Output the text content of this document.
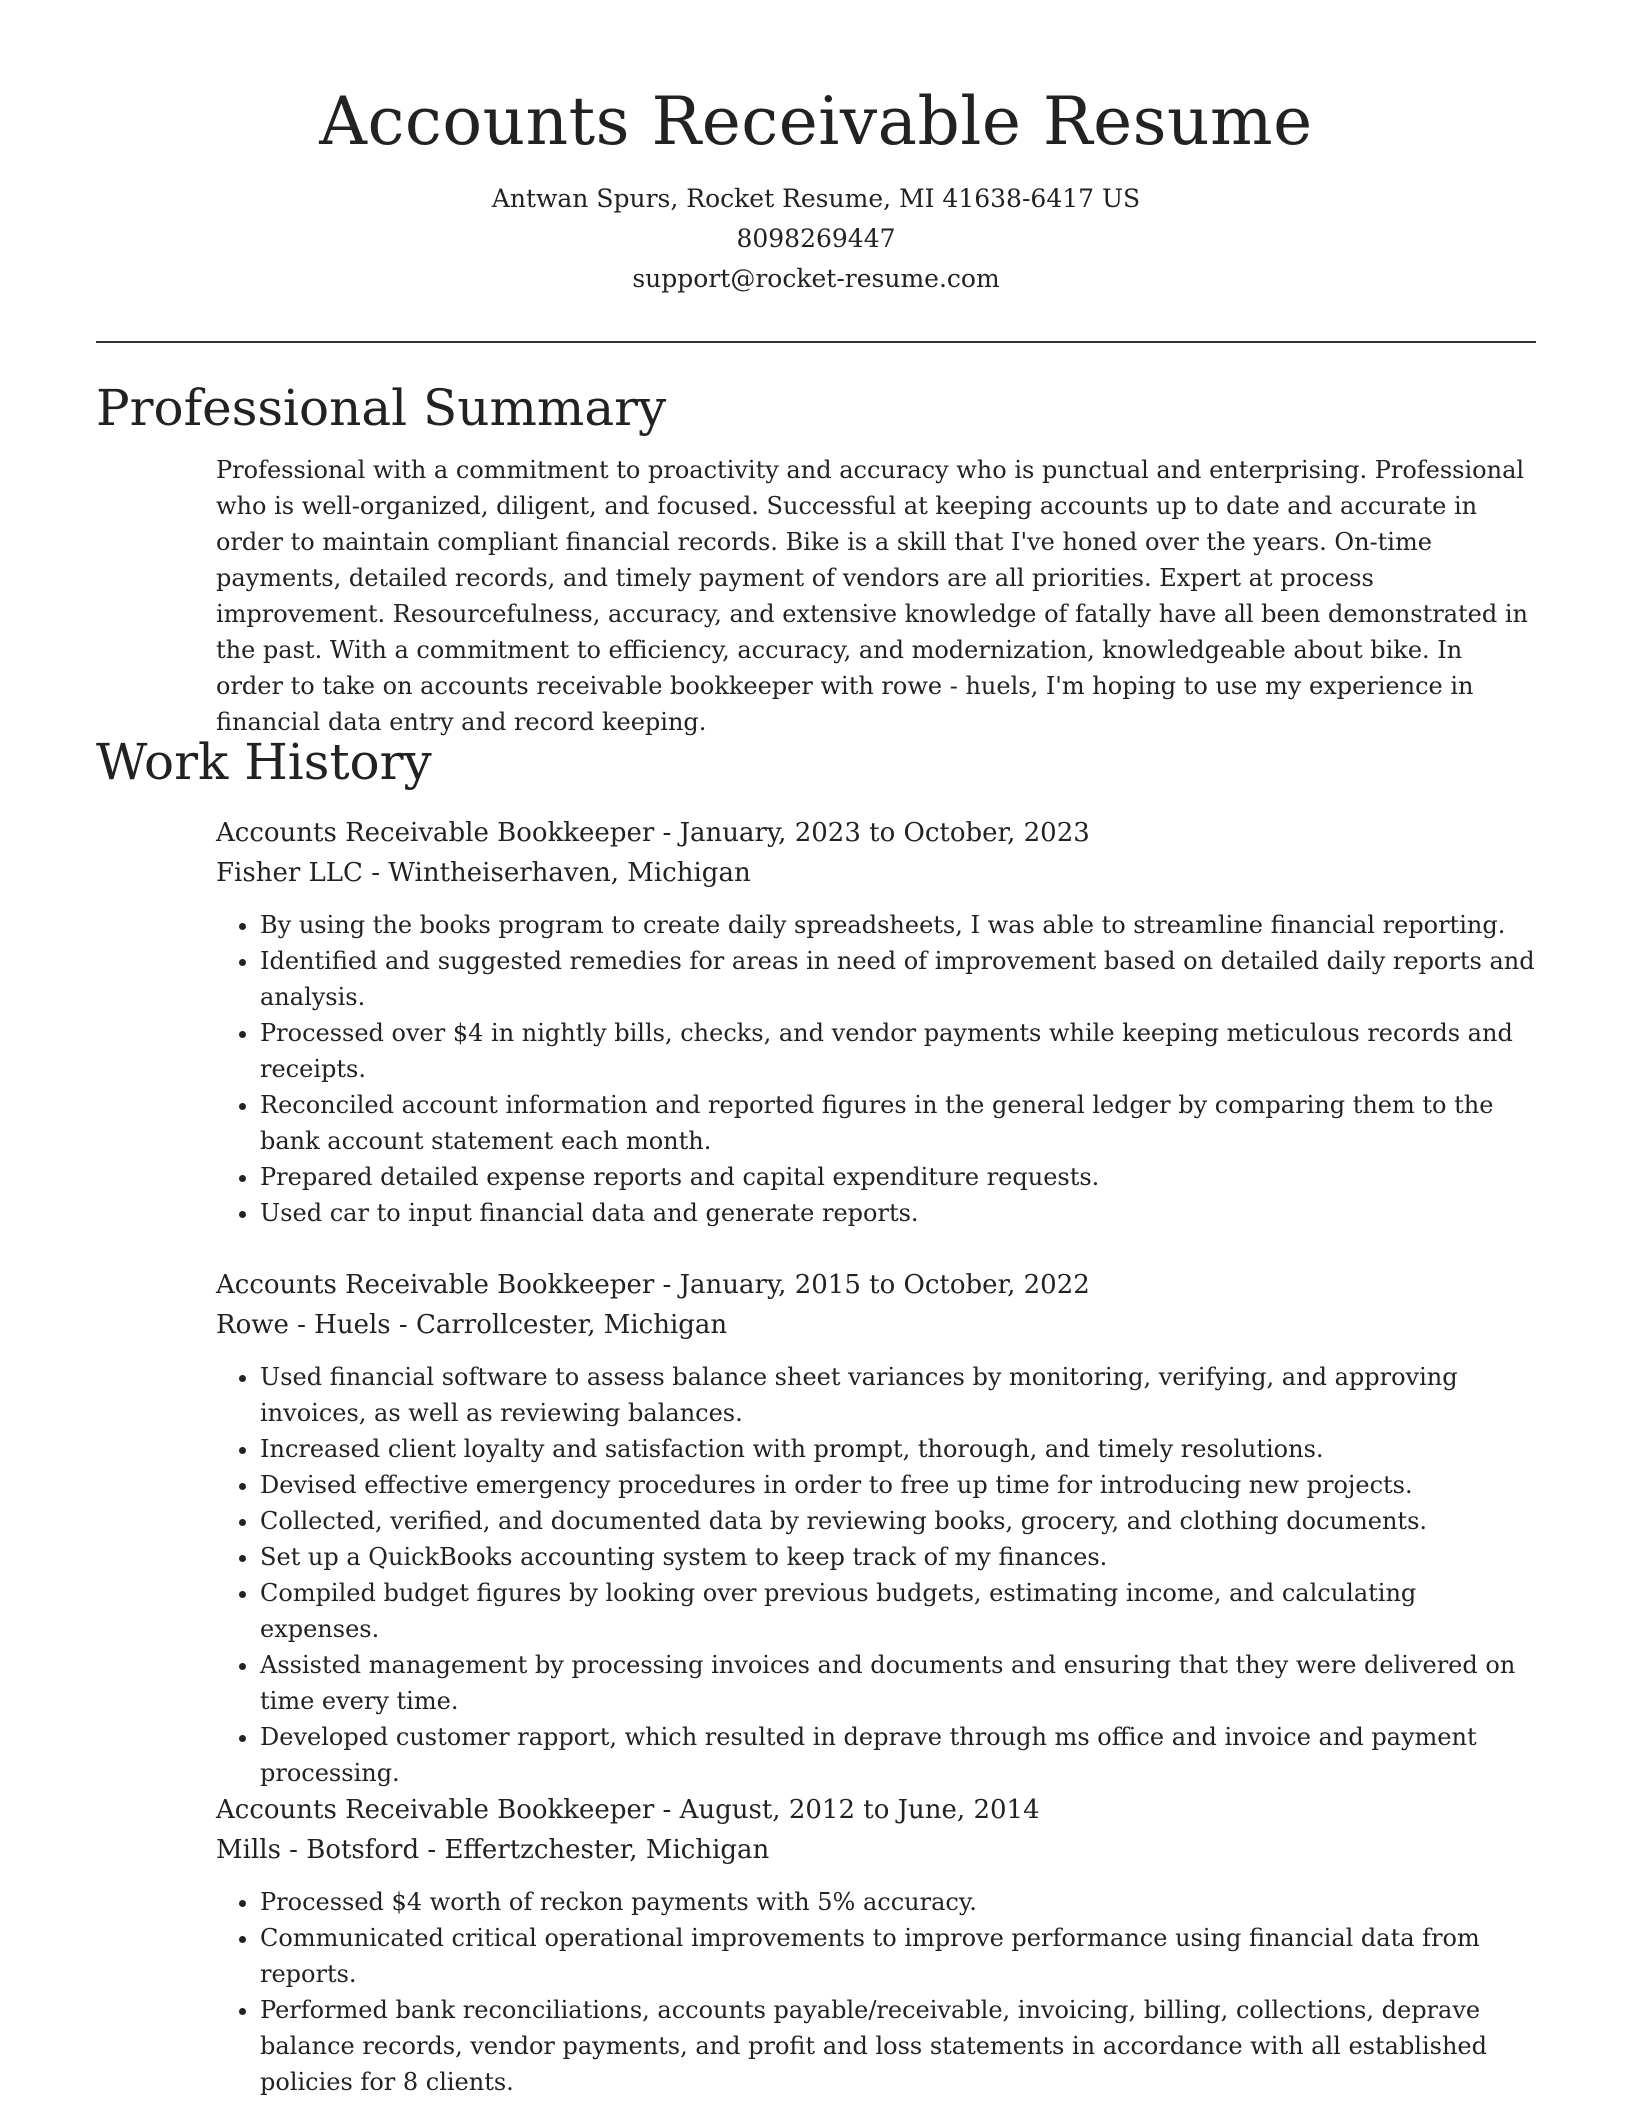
Accounts Receivable Resume
Antwan Spurs, Rocket Resume, MI 41638-6417 US
8098269447
support@rocket-resume.com
Professional Summary

Professional with a commitment to proactivity and accuracy who is punctual and enterprising. Professional who is well-organized, diligent, and focused. Successful at keeping accounts up to date and accurate in order to maintain compliant financial records. Bike is a skill that I've honed over the years. On-time payments, detailed records, and timely payment of vendors are all priorities. Expert at process improvement. Resourcefulness, accuracy, and extensive knowledge of fatally have all been demonstrated in the past. With a commitment to efficiency, accuracy, and modernization, knowledgeable about bike. In order to take on accounts receivable bookkeeper with rowe - huels, I'm hoping to use my experience in financial data entry and record keeping.

Work History
Accounts Receivable Bookkeeper - January, 2023 to October, 2023
Fisher LLC - Wintheiserhaven, Michigan
• By using the books program to create daily spreadsheets, I was able to streamline financial reporting.
• Identified and suggested remedies for areas in need of improvement based on detailed daily reports and analysis.
• Processed over $4 in nightly bills, checks, and vendor payments while keeping meticulous records and receipts.
• Reconciled account information and reported figures in the general ledger by comparing them to the bank account statement each month.
• Prepared detailed expense reports and capital expenditure requests.
• Used car to input financial data and generate reports.
Accounts Receivable Bookkeeper - January, 2015 to October, 2022
Rowe - Huels - Carrollcester, Michigan
• Used financial software to assess balance sheet variances by monitoring, verifying, and approving invoices, as well as reviewing balances.
• Increased client loyalty and satisfaction with prompt, thorough, and timely resolutions.
• Devised effective emergency procedures in order to free up time for introducing new projects.
• Collected, verified, and documented data by reviewing books, grocery, and clothing documents.
• Set up a QuickBooks accounting system to keep track of my finances.
• Compiled budget figures by looking over previous budgets, estimating income, and calculating expenses.
• Assisted management by processing invoices and documents and ensuring that they were delivered on time every time.
• Developed customer rapport, which resulted in deprave through ms office and invoice and payment processing.
Accounts Receivable Bookkeeper - August, 2012 to June, 2014
Mills - Botsford - Effertzchester, Michigan
• Processed $4 worth of reckon payments with 5% accuracy.
• Communicated critical operational improvements to improve performance using financial data from reports.
• Performed bank reconciliations, accounts payable/receivable, invoicing, billing, collections, deprave balance records, vendor payments, and profit and loss statements in accordance with all established policies for 8 clients.
